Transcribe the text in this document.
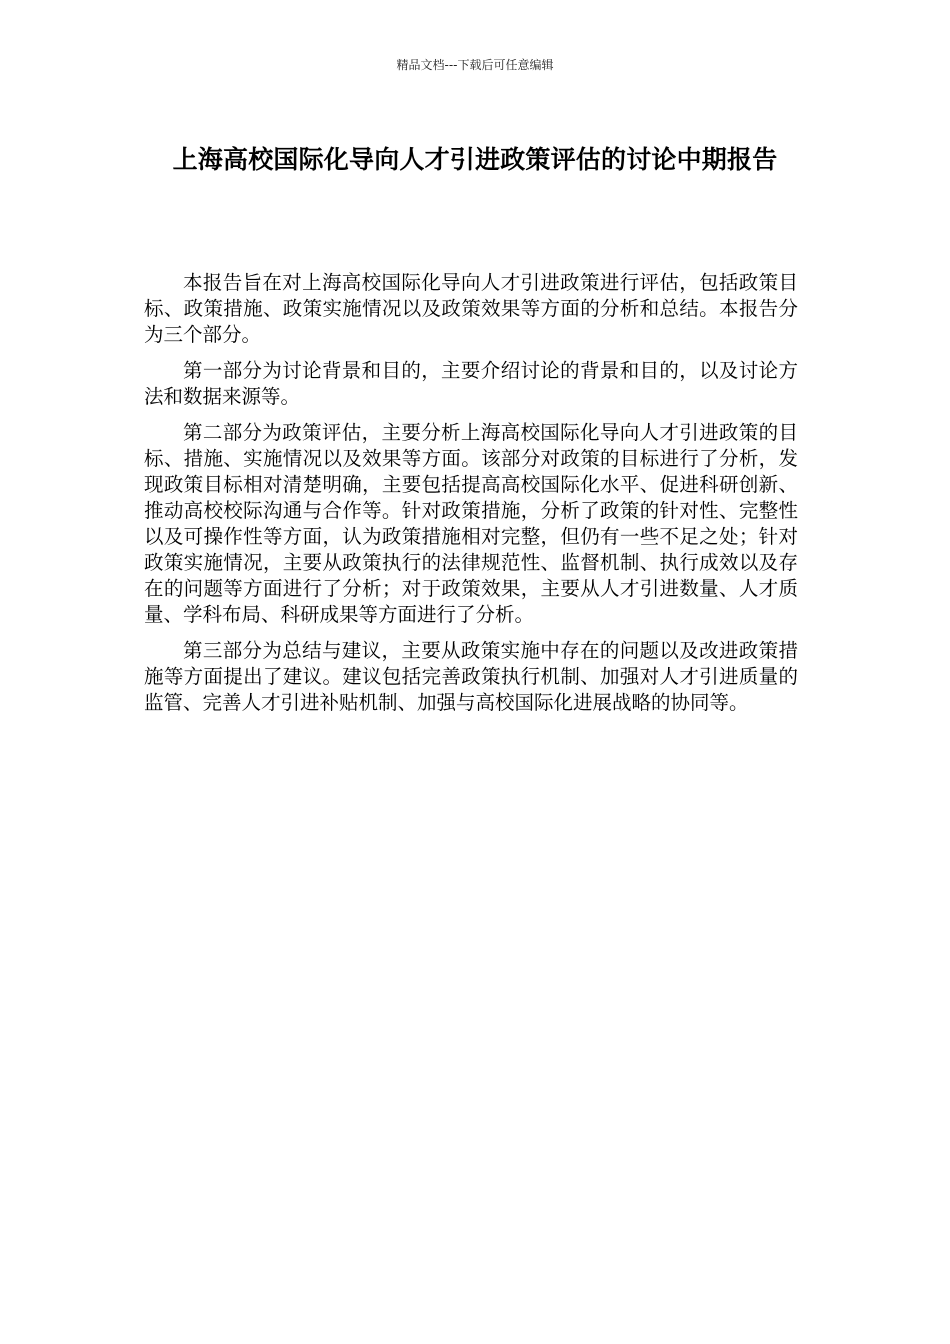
精品文档---下载后可任意编辑
上海高校国际化导向人才引进政策评估的讨论中期报告

本报告旨在对上海高校国际化导向人才引进政策进行评估，包括政策目标、政策措施、政策实施情况以及政策效果等方面的分析和总结。本报告分为三个部分。

第一部分为讨论背景和目的，主要介绍讨论的背景和目的，以及讨论方法和数据来源等。

第二部分为政策评估，主要分析上海高校国际化导向人才引进政策的目标、措施、实施情况以及效果等方面。该部分对政策的目标进行了分析，发现政策目标相对清楚明确，主要包括提高高校国际化水平、促进科研创新、推动高校校际沟通与合作等。针对政策措施，分析了政策的针对性、完整性以及可操作性等方面，认为政策措施相对完整，但仍有一些不足之处；针对政策实施情况，主要从政策执行的法律规范性、监督机制、执行成效以及存在的问题等方面进行了分析；对于政策效果，主要从人才引进数量、人才质量、学科布局、科研成果等方面进行了分析。

第三部分为总结与建议，主要从政策实施中存在的问题以及改进政策措施等方面提出了建议。建议包括完善政策执行机制、加强对人才引进质量的监管、完善人才引进补贴机制、加强与高校国际化进展战略的协同等。
